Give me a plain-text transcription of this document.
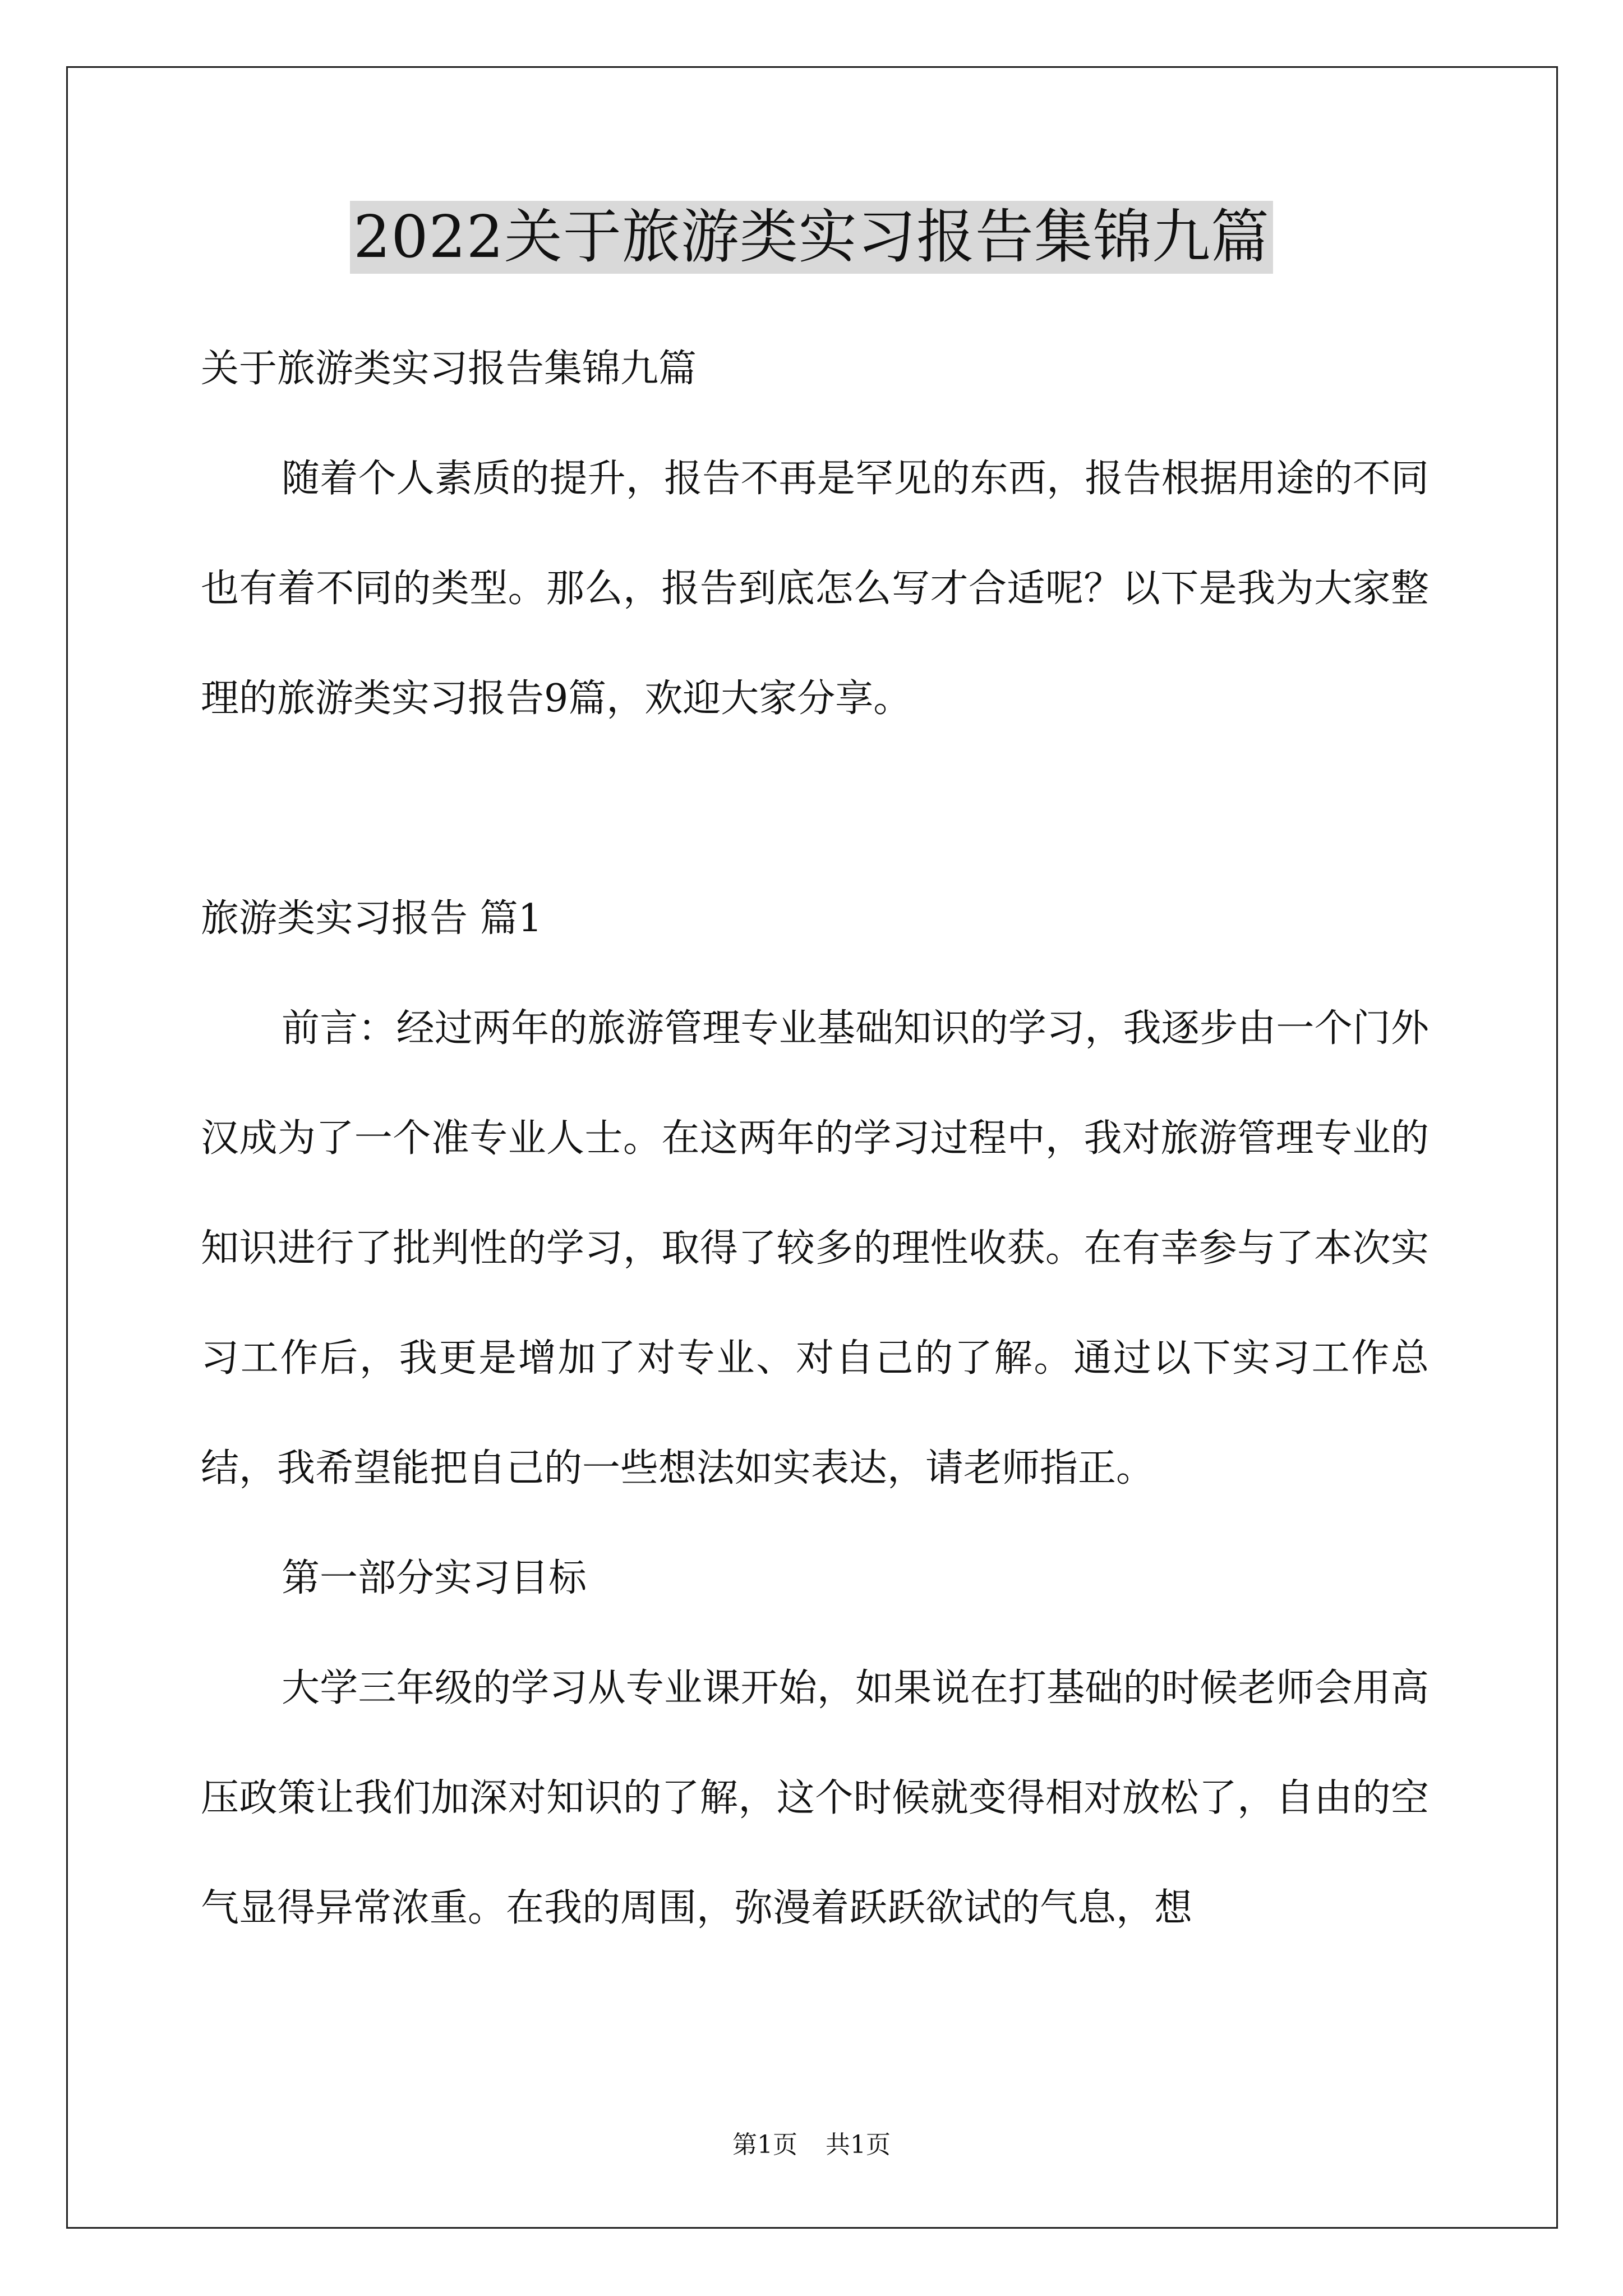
2022关于旅游类实习报告集锦九篇

关于旅游类实习报告集锦九篇

随着个人素质的提升，报告不再是罕见的东西，报告根据用途的不同也有着不同的类型。那么，报告到底怎么写才合适呢？以下是我为大家整理的旅游类实习报告9篇，欢迎大家分享。

旅游类实习报告 篇1

前言：经过两年的旅游管理专业基础知识的学习，我逐步由一个门外汉成为了一个准专业人士。在这两年的学习过程中，我对旅游管理专业的知识进行了批判性的学习，取得了较多的理性收获。在有幸参与了本次实习工作后，我更是增加了对专业、对自己的了解。通过以下实习工作总结，我希望能把自己的一些想法如实表达，请老师指正。

第一部分实习目标

大学三年级的学习从专业课开始，如果说在打基础的时候老师会用高压政策让我们加深对知识的了解，这个时候就变得相对放松了，自由的空气显得异常浓重。在我的周围，弥漫着跃跃欲试的气息，想

第1页 共1页
